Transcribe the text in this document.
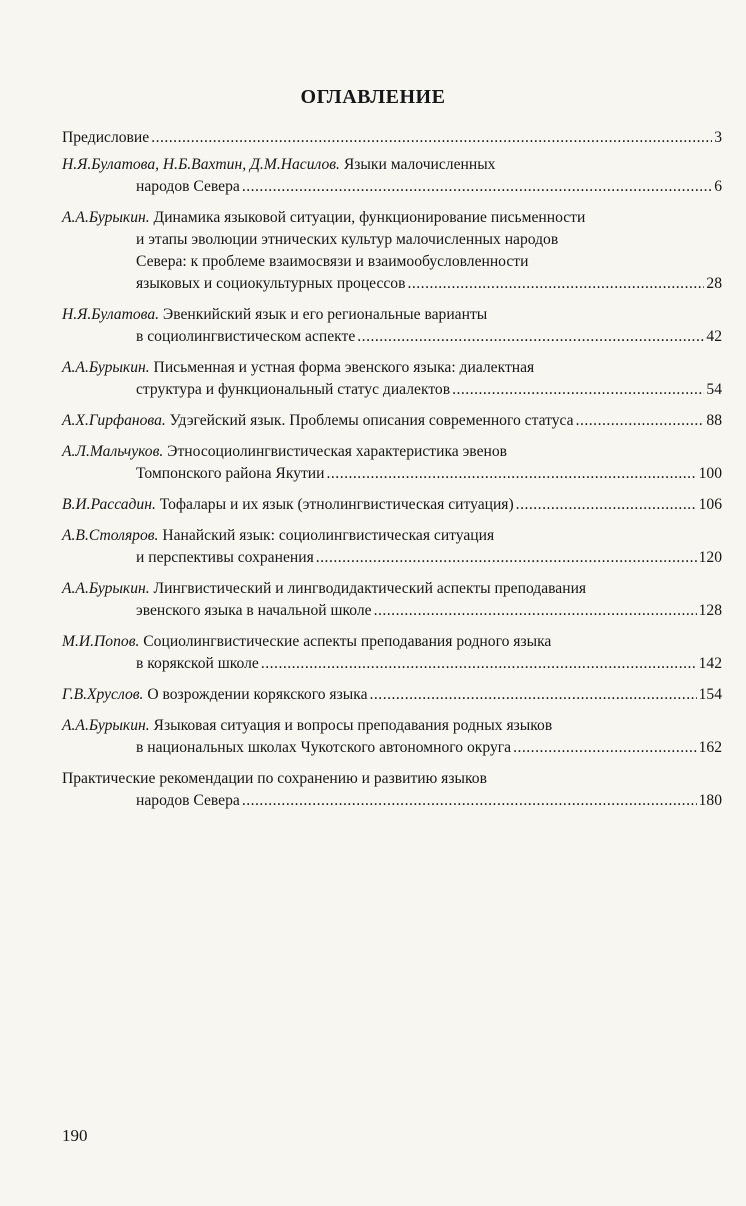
ОГЛАВЛЕНИЕ
Предисловие .....	3
Н.Я.Булатова, Н.Б.Вахтин, Д.М.Насилов. Языки малочисленных
народов Севера .....	6
А.А.Бурыкин. Динамика языковой ситуации, функционирование письменности
и этапы эволюции этнических культур малочисленных народов
Севера: к проблеме взаимосвязи и взаимообусловленности
языковых и социокультурных процессов .....	28
Н.Я.Булатова. Эвенкийский язык и его региональные варианты
в социолингвистическом аспекте .....	42
А.А.Бурыкин. Письменная и устная форма эвенского языка: диалектная
структура и функциональный статус диалектов .....	54
А.Х.Гирфанова. Удэгейский язык. Проблемы описания современного статуса .....	88
А.Л.Мальчуков. Этносоциолингвистическая характеристика эвенов
Томпонского района Якутии .....	100
В.И.Рассадин. Тофалары и их язык (этнолингвистическая ситуация) .....	106
А.В.Столяров. Нанайский язык: социолингвистическая ситуация
и перспективы сохранения .....	120
А.А.Бурыкин. Лингвистический и лингводидактический аспекты преподавания
эвенского языка в начальной школе .....	128
М.И.Попов. Социолингвистические аспекты преподавания родного языка
в корякской школе .....	142
Г.В.Хруслов. О возрождении корякского языка .....	154
А.А.Бурыкин. Языковая ситуация и вопросы преподавания родных языков
в национальных школах Чукотского автономного округа .....	162
Практические рекомендации по сохранению и развитию языков
народов Севера .....	180
190
